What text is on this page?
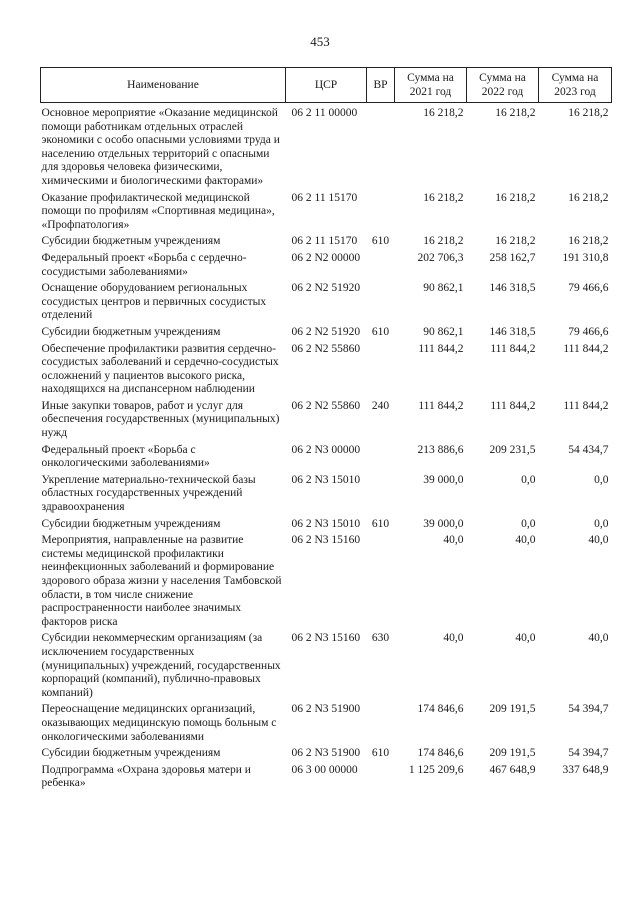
453
Наименование	ЦСР	ВР	Сумма на 2021 год	Сумма на 2022 год	Сумма на 2023 год
Основное мероприятие «Оказание медицинской помощи работникам отдельных отраслей экономики с особо опасными условиями труда и населению отдельных территорий с опасными для здоровья человека физическими, химическими и биологическими факторами»	06 2 11 00000		16 218,2	16 218,2	16 218,2
Оказание профилактической медицинской помощи по профилям «Спортивная медицина», «Профпатология»	06 2 11 15170		16 218,2	16 218,2	16 218,2
Субсидии бюджетным учреждениям	06 2 11 15170	610	16 218,2	16 218,2	16 218,2
Федеральный проект «Борьба с сердечно-сосудистыми заболеваниями»	06 2 N2 00000		202 706,3	258 162,7	191 310,8
Оснащение оборудованием региональных сосудистых центров и первичных сосудистых отделений	06 2 N2 51920		90 862,1	146 318,5	79 466,6
Субсидии бюджетным учреждениям	06 2 N2 51920	610	90 862,1	146 318,5	79 466,6
Обеспечение профилактики развития сердечно-сосудистых заболеваний и сердечно-сосудистых осложнений у пациентов высокого риска, находящихся на диспансерном наблюдении	06 2 N2 55860		111 844,2	111 844,2	111 844,2
Иные закупки товаров, работ и услуг для обеспечения государственных (муниципальных) нужд	06 2 N2 55860	240	111 844,2	111 844,2	111 844,2
Федеральный проект «Борьба с онкологическими заболеваниями»	06 2 N3 00000		213 886,6	209 231,5	54 434,7
Укрепление материально-технической базы областных государственных учреждений здравоохранения	06 2 N3 15010		39 000,0	0,0	0,0
Субсидии бюджетным учреждениям	06 2 N3 15010	610	39 000,0	0,0	0,0
Мероприятия, направленные на развитие системы медицинской профилактики неинфекционных заболеваний и формирование здорового образа жизни у населения Тамбовской области, в том числе снижение распространенности наиболее значимых факторов риска	06 2 N3 15160		40,0	40,0	40,0
Субсидии некоммерческим организациям (за исключением государственных (муниципальных) учреждений, государственных корпораций (компаний), публично-правовых компаний)	06 2 N3 15160	630	40,0	40,0	40,0
Переоснащение медицинских организаций, оказывающих медицинскую помощь больным с онкологическими заболеваниями	06 2 N3 51900		174 846,6	209 191,5	54 394,7
Субсидии бюджетным учреждениям	06 2 N3 51900	610	174 846,6	209 191,5	54 394,7
Подпрограмма «Охрана здоровья матери и ребенка»	06 3 00 00000		1 125 209,6	467 648,9	337 648,9
